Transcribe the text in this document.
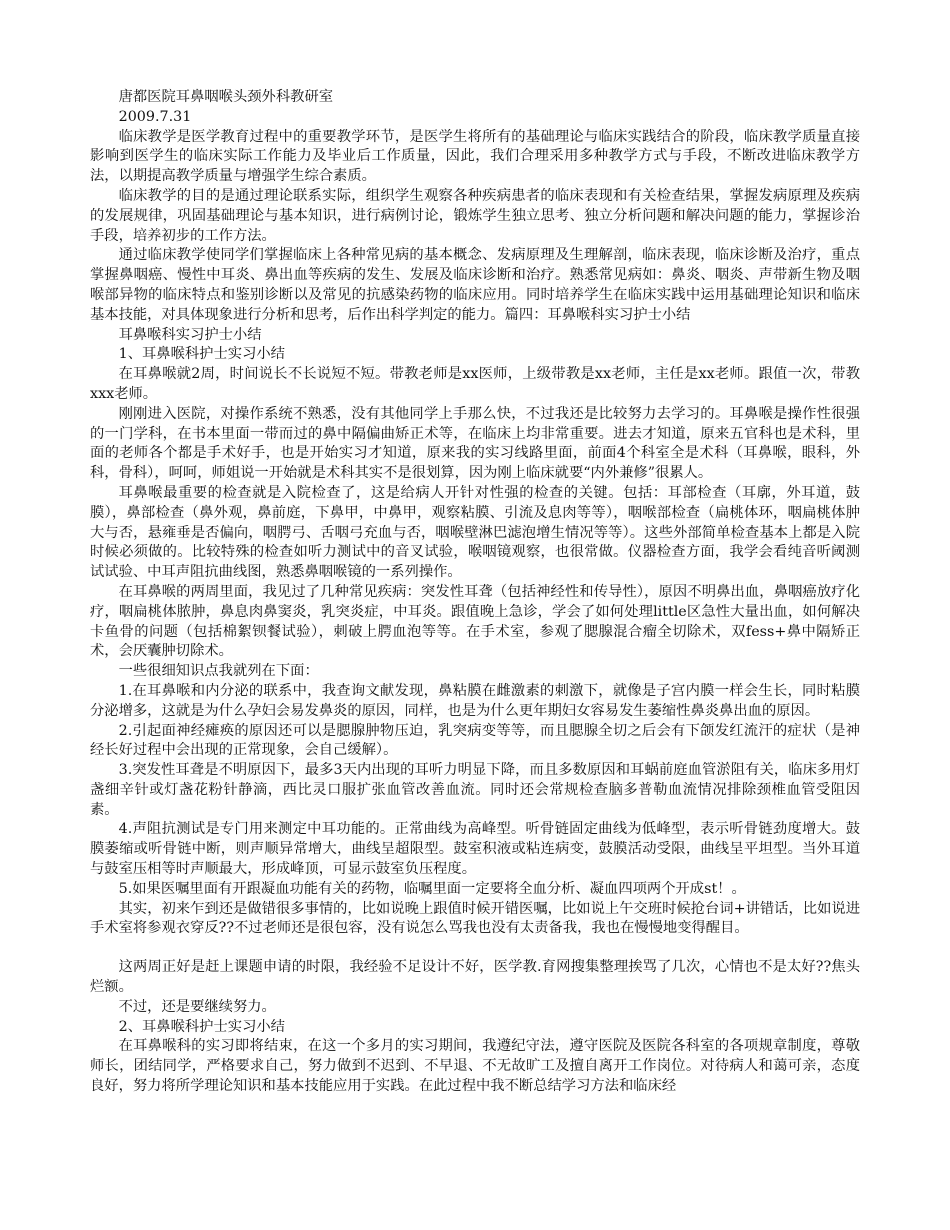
唐都医院耳鼻咽喉头颈外科教研室

2009.7.31

临床教学是医学教育过程中的重要教学环节，是医学生将所有的基础理论与临床实践结合的阶段，临床教学质量直接影响到医学生的临床实际工作能力及毕业后工作质量，因此，我们合理采用多种教学方式与手段，不断改进临床教学方法，以期提高教学质量与增强学生综合素质。

临床教学的目的是通过理论联系实际，组织学生观察各种疾病患者的临床表现和有关检查结果，掌握发病原理及疾病的发展规律，巩固基础理论与基本知识，进行病例讨论，锻炼学生独立思考、独立分析问题和解决问题的能力，掌握诊治手段，培养初步的工作方法。

通过临床教学使同学们掌握临床上各种常见病的基本概念、发病原理及生理解剖，临床表现，临床诊断及治疗，重点掌握鼻咽癌、慢性中耳炎、鼻出血等疾病的发生、发展及临床诊断和治疗。熟悉常见病如：鼻炎、咽炎、声带新生物及咽喉部异物的临床特点和鉴别诊断以及常见的抗感染药物的临床应用。同时培养学生在临床实践中运用基础理论知识和临床基本技能，对具体现象进行分析和思考，后作出科学判定的能力。篇四：耳鼻喉科实习护士小结

耳鼻喉科实习护士小结

1、耳鼻喉科护士实习小结

在耳鼻喉就2周，时间说长不长说短不短。带教老师是xx医师，上级带教是xx老师，主任是xx老师。跟值一次，带教xxx老师。

刚刚进入医院，对操作系统不熟悉，没有其他同学上手那么快，不过我还是比较努力去学习的。耳鼻喉是操作性很强的一门学科，在书本里面一带而过的鼻中隔偏曲矫正术等，在临床上均非常重要。进去才知道，原来五官科也是术科，里面的老师各个都是手术好手，也是开始实习才知道，原来我的实习线路里面，前面4个科室全是术科（耳鼻喉，眼科，外科，骨科），呵呵，师姐说一开始就是术科其实不是很划算，因为刚上临床就要“内外兼修”很累人。

耳鼻喉最重要的检查就是入院检查了，这是给病人开针对性强的检查的关键。包括：耳部检查（耳廓，外耳道，鼓膜），鼻部检查（鼻外观，鼻前庭，下鼻甲，中鼻甲，观察粘膜、引流及息肉等等），咽喉部检查（扁桃体环，咽扁桃体肿大与否，悬雍垂是否偏向，咽腭弓、舌咽弓充血与否，咽喉壁淋巴滤泡增生情况等等）。这些外部简单检查基本上都是入院时候必须做的。比较特殊的检查如听力测试中的音叉试验，喉咽镜观察，也很常做。仪器检查方面，我学会看纯音听阈测试试验、中耳声阻抗曲线图，熟悉鼻咽喉镜的一系列操作。

在耳鼻喉的两周里面，我见过了几种常见疾病：突发性耳聋（包括神经性和传导性），原因不明鼻出血，鼻咽癌放疗化疗，咽扁桃体脓肿，鼻息肉鼻窦炎，乳突炎症，中耳炎。跟值晚上急诊，学会了如何处理little区急性大量出血，如何解决卡鱼骨的问题（包括棉絮钡餐试验），刺破上腭血泡等等。在手术室，参观了腮腺混合瘤全切除术，双fess+鼻中隔矫正术，会厌囊肿切除术。

一些很细知识点我就列在下面：

1.在耳鼻喉和内分泌的联系中，我查询文献发现，鼻粘膜在雌激素的刺激下，就像是子宫内膜一样会生长，同时粘膜分泌增多，这就是为什么孕妇会易发鼻炎的原因，同样，也是为什么更年期妇女容易发生萎缩性鼻炎鼻出血的原因。

2.引起面神经瘫痪的原因还可以是腮腺肿物压迫，乳突病变等等，而且腮腺全切之后会有下颌发红流汗的症状（是神经长好过程中会出现的正常现象，会自己缓解）。

3.突发性耳聋是不明原因下，最多3天内出现的耳听力明显下降，而且多数原因和耳蜗前庭血管淤阻有关，临床多用灯盏细辛针或灯盏花粉针静滴，西比灵口服扩张血管改善血流。同时还会常规检查脑多普勒血流情况排除颈椎血管受阻因素。

4.声阻抗测试是专门用来测定中耳功能的。正常曲线为高峰型。听骨链固定曲线为低峰型，表示听骨链劲度增大。鼓膜萎缩或听骨链中断，则声顺异常增大，曲线呈超限型。鼓室积液或粘连病变，鼓膜活动受限，曲线呈平坦型。当外耳道与鼓室压相等时声顺最大，形成峰顶，可显示鼓室负压程度。

5.如果医嘱里面有开跟凝血功能有关的药物，临嘱里面一定要将全血分析、凝血四项两个开成st！。

其实，初来乍到还是做错很多事情的，比如说晚上跟值时候开错医嘱，比如说上午交班时候抢台词+讲错话，比如说进手术室将参观衣穿反??不过老师还是很包容，没有说怎么骂我也没有太责备我，我也在慢慢地变得醒目。

这两周正好是赶上课题申请的时限，我经验不足设计不好，医学教.育网搜集整理挨骂了几次，心情也不是太好??焦头烂额。

不过，还是要继续努力。

2、耳鼻喉科护士实习小结

在耳鼻喉科的实习即将结束，在这一个多月的实习期间，我遵纪守法，遵守医院及医院各科室的各项规章制度，尊敬师长，团结同学，严格要求自己，努力做到不迟到、不早退、不无故旷工及擅自离开工作岗位。对待病人和蔼可亲，态度良好，努力将所学理论知识和基本技能应用于实践。在此过程中我不断总结学习方法和临床经
